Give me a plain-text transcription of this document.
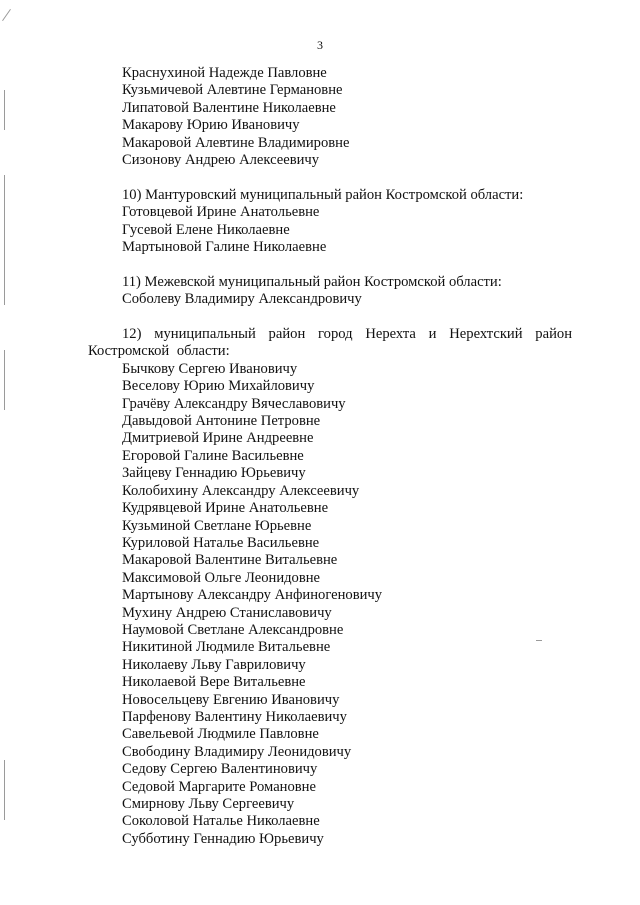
3
Краснухиной Надежде Павловне
Кузьмичевой Алевтине Германовне
Липатовой Валентине Николаевне
Макарову Юрию Ивановичу
Макаровой Алевтине Владимировне
Сизонову Андрею Алексеевичу
10) Мантуровский муниципальный район Костромской области:
Готовцевой Ирине Анатольевне
Гусевой Елене Николаевне
Мартыновой Галине Николаевне
11) Межевской муниципальный район Костромской области:
Соболеву Владимиру Александровичу
12) муниципальный район город Нерехта и Нерехтский район Костромской области:
Бычкову Сергею Ивановичу
Веселову Юрию Михайловичу
Грачёву Александру Вячеславовичу
Давыдовой Антонине Петровне
Дмитриевой Ирине Андреевне
Егоровой Галине Васильевне
Зайцеву Геннадию Юрьевичу
Колобихину Александру Алексеевичу
Кудрявцевой Ирине Анатольевне
Кузьминой Светлане Юрьевне
Куриловой Наталье Васильевне
Макаровой Валентине Витальевне
Максимовой Ольге Леонидовне
Мартынову Александру Анфиногеновичу
Мухину Андрею Станиславовичу
Наумовой Светлане Александровне
Никитиной Людмиле Витальевне
Николаеву Льву Гавриловичу
Николаевой Вере Витальевне
Новосельцеву Евгению Ивановичу
Парфенову Валентину Николаевичу
Савельевой Людмиле Павловне
Свободину Владимиру Леонидовичу
Седову Сергею Валентиновичу
Седовой Маргарите Романовне
Смирнову Льву Сергеевичу
Соколовой Наталье Николаевне
Субботину Геннадию Юрьевичу
